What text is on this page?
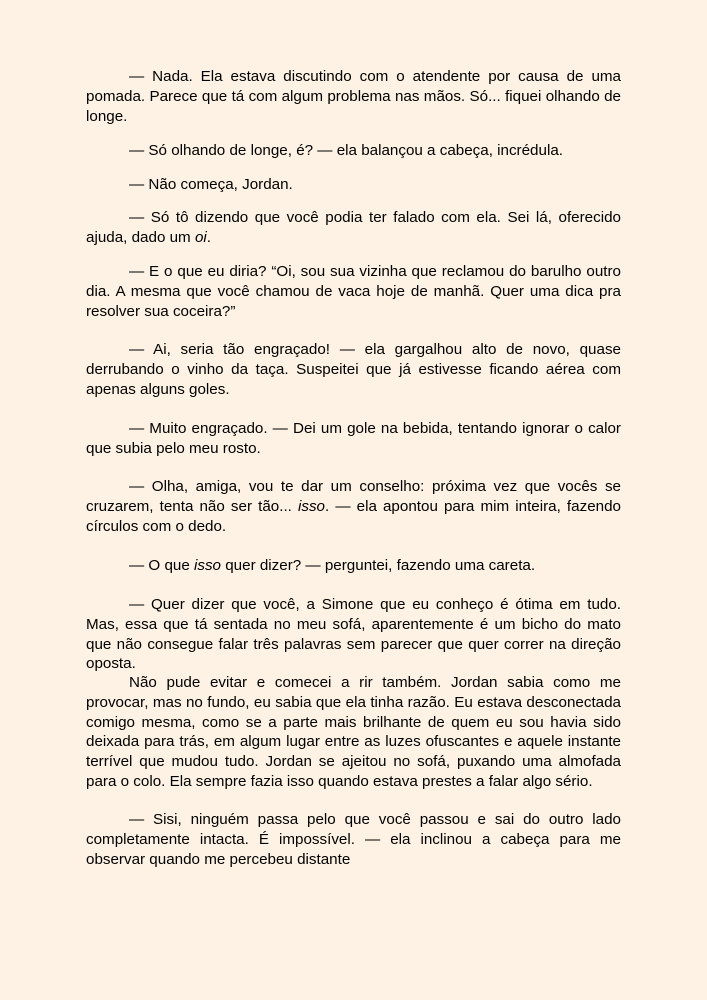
— Nada. Ela estava discutindo com o atendente por causa de uma pomada. Parece que tá com algum problema nas mãos. Só... fiquei olhando de longe.

— Só olhando de longe, é? — ela balançou a cabeça, incrédula.

— Não começa, Jordan.

— Só tô dizendo que você podia ter falado com ela. Sei lá, oferecido ajuda, dado um oi.

— E o que eu diria? “Oi, sou sua vizinha que reclamou do barulho outro dia. A mesma que você chamou de vaca hoje de manhã. Quer uma dica pra resolver sua coceira?”

— Ai, seria tão engraçado! — ela gargalhou alto de novo, quase derrubando o vinho da taça. Suspeitei que já estivesse ficando aérea com apenas alguns goles.

— Muito engraçado. — Dei um gole na bebida, tentando ignorar o calor que subia pelo meu rosto.

— Olha, amiga, vou te dar um conselho: próxima vez que vocês se cruzarem, tenta não ser tão... isso. — ela apontou para mim inteira, fazendo círculos com o dedo.

— O que isso quer dizer? — perguntei, fazendo uma careta.

— Quer dizer que você, a Simone que eu conheço é ótima em tudo. Mas, essa que tá sentada no meu sofá, aparentemente é um bicho do mato que não consegue falar três palavras sem parecer que quer correr na direção oposta.

Não pude evitar e comecei a rir também. Jordan sabia como me provocar, mas no fundo, eu sabia que ela tinha razão. Eu estava desconectada comigo mesma, como se a parte mais brilhante de quem eu sou havia sido deixada para trás, em algum lugar entre as luzes ofuscantes e aquele instante terrível que mudou tudo. Jordan se ajeitou no sofá, puxando uma almofada para o colo. Ela sempre fazia isso quando estava prestes a falar algo sério.

— Sisi, ninguém passa pelo que você passou e sai do outro lado completamente intacta. É impossível. — ela inclinou a cabeça para me observar quando me percebeu distante
